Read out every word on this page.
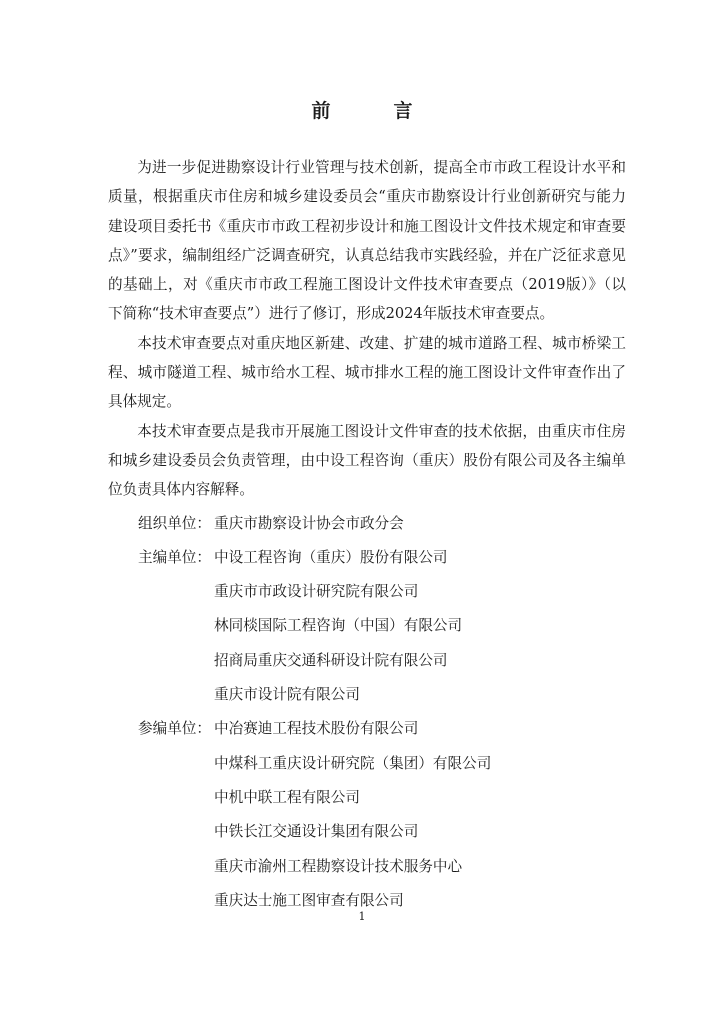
前　言

为进一步促进勘察设计行业管理与技术创新，提高全市市政工程设计水平和质量，根据重庆市住房和城乡建设委员会“重庆市勘察设计行业创新研究与能力建设项目委托书《重庆市市政工程初步设计和施工图设计文件技术规定和审查要点》”要求，编制组经广泛调查研究，认真总结我市实践经验，并在广泛征求意见的基础上，对《重庆市市政工程施工图设计文件技术审查要点（2019版）》（以下简称“技术审查要点”）进行了修订，形成2024年版技术审查要点。

本技术审查要点对重庆地区新建、改建、扩建的城市道路工程、城市桥梁工程、城市隧道工程、城市给水工程、城市排水工程的施工图设计文件审查作出了具体规定。

本技术审查要点是我市开展施工图设计文件审查的技术依据，由重庆市住房和城乡建设委员会负责管理，由中设工程咨询（重庆）股份有限公司及各主编单位负责具体内容解释。

组织单位： 重庆市勘察设计协会市政分会
主编单位： 中设工程咨询（重庆）股份有限公司
重庆市市政设计研究院有限公司
林同棪国际工程咨询（中国）有限公司
招商局重庆交通科研设计院有限公司
重庆市设计院有限公司
参编单位： 中冶赛迪工程技术股份有限公司
中煤科工重庆设计研究院（集团）有限公司
中机中联工程有限公司
中铁长江交通设计集团有限公司
重庆市渝州工程勘察设计技术服务中心
重庆达士施工图审查有限公司
1
